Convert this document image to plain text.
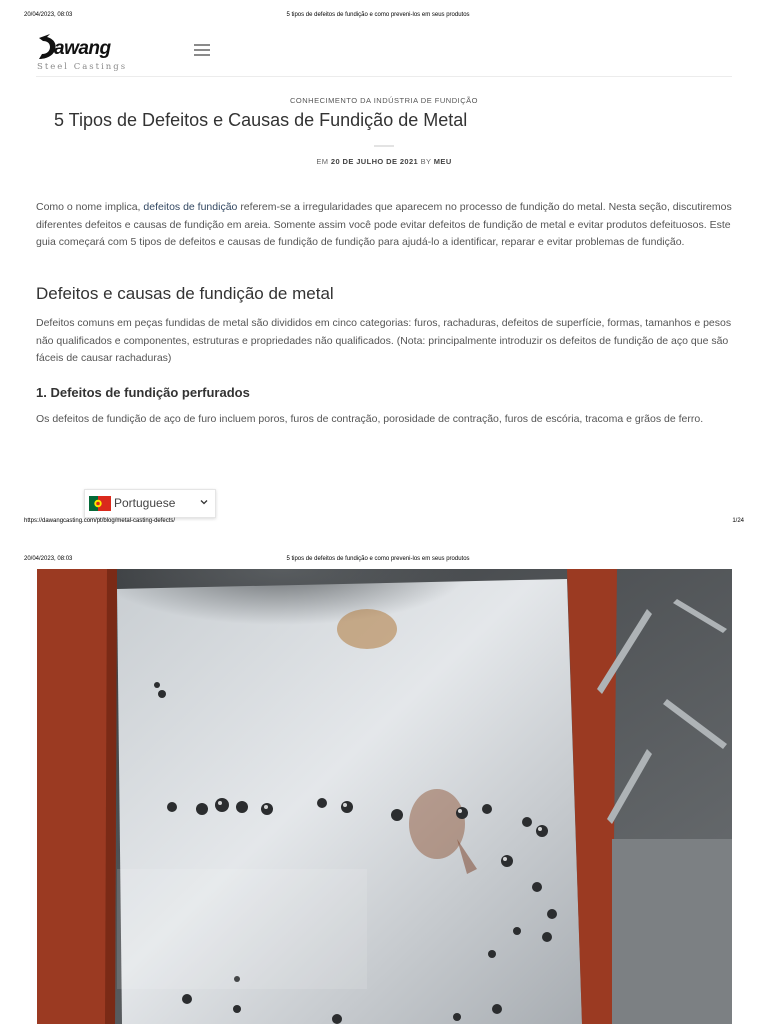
20/04/2023, 08:03	5 tipos de defeitos de fundição e como preveni-los em seus produtos
awang
Steel Castings
CONHECIMENTO DA INDÚSTRIA DE FUNDIÇÃO
5 Tipos de Defeitos e Causas de Fundição de Metal
EM 20 DE JULHO DE 2021 BY MEU

Como o nome implica, defeitos de fundição referem-se a irregularidades que aparecem no processo de fundição do metal. Nesta seção, discutiremos diferentes defeitos e causas de fundição em areia. Somente assim você pode evitar defeitos de fundição de metal e evitar produtos defeituosos. Este guia começará com 5 tipos de defeitos e causas de fundição de fundição para ajudá-lo a identificar, reparar e evitar problemas de fundição.

Defeitos e causas de fundição de metal

Defeitos comuns em peças fundidas de metal são divididos em cinco categorias: furos, rachaduras, defeitos de superfície, formas, tamanhos e pesos não qualificados e componentes, estruturas e propriedades não qualificados. (Nota: principalmente introduzir os defeitos de fundição de aço que são fáceis de causar rachaduras)

1. Defeitos de fundição perfurados

Os defeitos de fundição de aço de furo incluem poros, furos de contração, porosidade de contração, furos de escória, tracoma e grãos de ferro.

Portuguese
https://dawangcasting.com/pt/blog/metal-casting-defects/	1/24
20/04/2023, 08:03	5 tipos de defeitos de fundição e como preveni-los em seus produtos
